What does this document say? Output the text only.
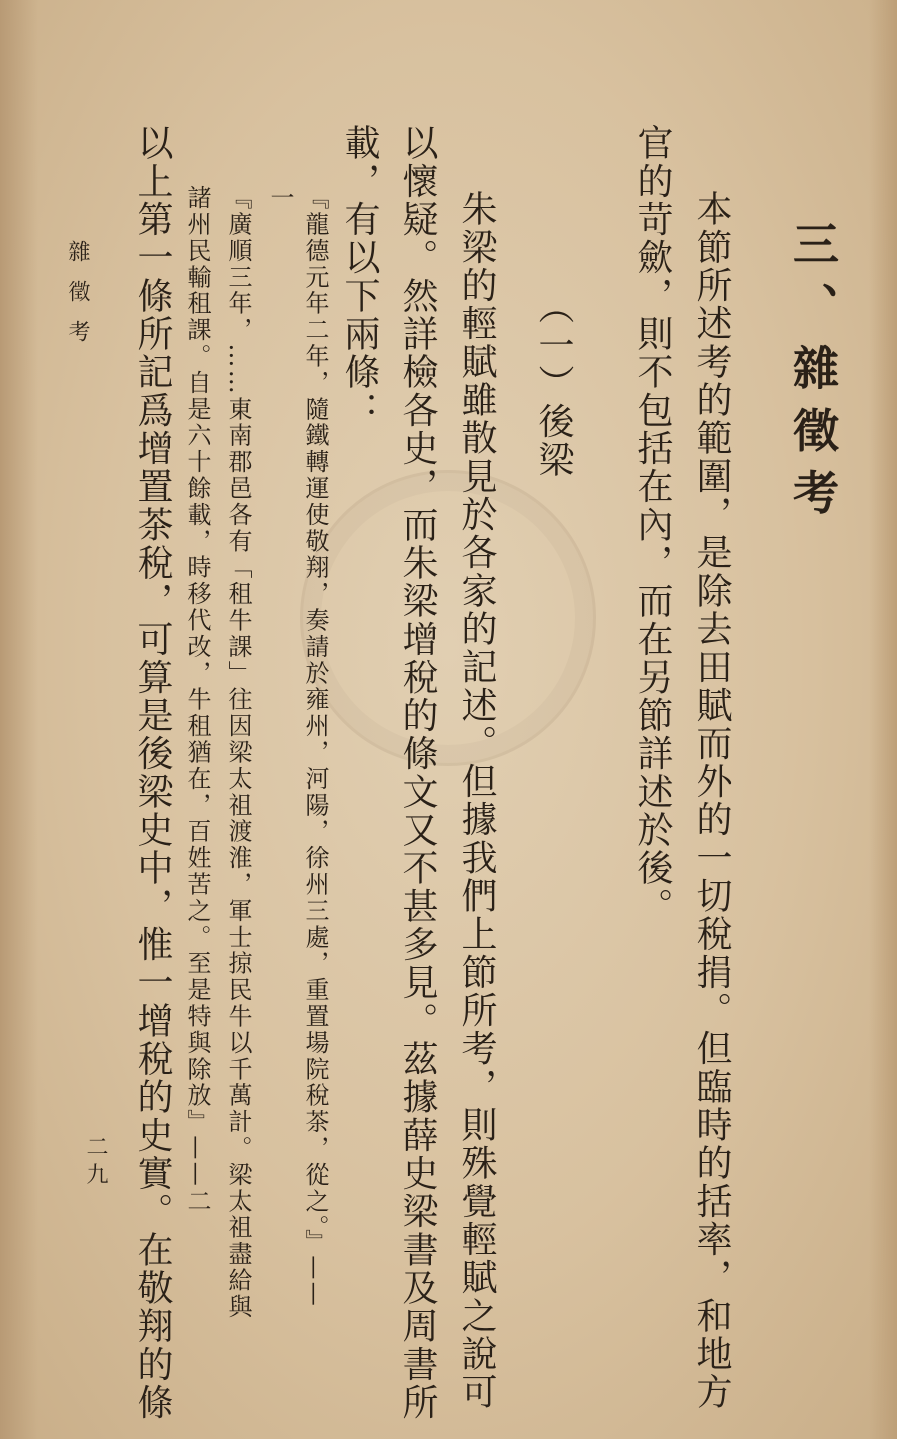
三、雜徵考
本節所述考的範圍，是除去田賦而外的一切稅捐。但臨時的括率，和地方
官的苛歛，則不包括在內，而在另節詳述於後。
（一）後梁
朱梁的輕賦雖散見於各家的記述。但據我們上節所考，則殊覺輕賦之說可
以懷疑。然詳檢各史，而朱梁增稅的條文又不甚多見。茲據薛史梁書及周書所
載，有以下兩條：
『龍德元年二年，隨鐵轉運使敬翔，奏請於雍州，河陽，徐州三處，重置場院稅茶，從之。』——
一
『廣順三年，……東南郡邑各有「租牛課」往因梁太祖渡淮，軍士掠民牛以千萬計。梁太祖盡給與
諸州民輸租課。自是六十餘載，時移代改，牛租猶在，百姓苦之。至是特與除放』——二
以上第一條所記爲增置茶稅，可算是後梁史中，惟一增稅的史實。在敬翔的條
雜 徵 考
二九
